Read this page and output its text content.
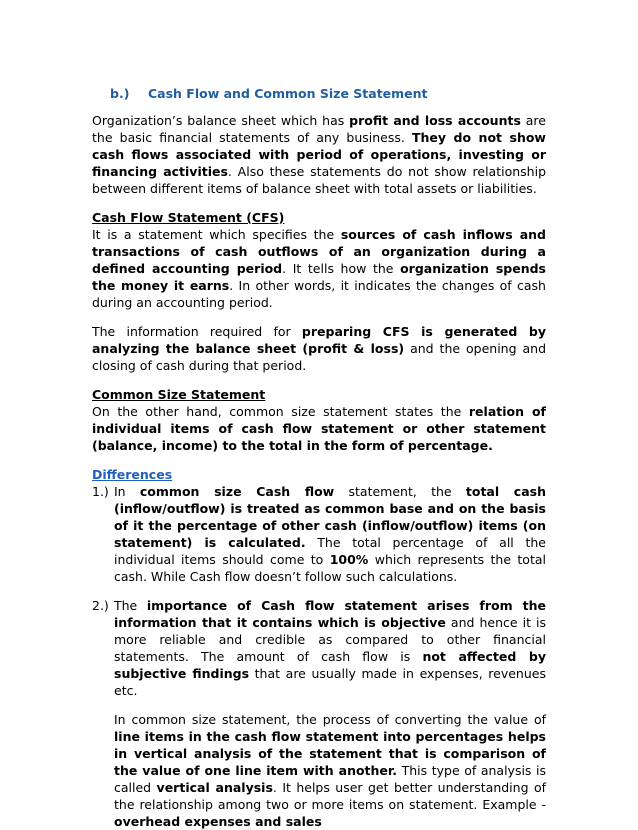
b.) Cash Flow and Common Size Statement

Organization’s balance sheet which has profit and loss accounts are the basic financial statements of any business. They do not show cash flows associated with period of operations, investing or financing activities. Also these statements do not show relationship between different items of balance sheet with total assets or liabilities.

Cash Flow Statement (CFS)

It is a statement which specifies the sources of cash inflows and transactions of cash outflows of an organization during a defined accounting period. It tells how the organization spends the money it earns. In other words, it indicates the changes of cash during an accounting period.

The information required for preparing CFS is generated by analyzing the balance sheet (profit & loss) and the opening and closing of cash during that period.

Common Size Statement

On the other hand, common size statement states the relation of individual items of cash flow statement or other statement (balance, income) to the total in the form of percentage.

Differences
1.) In common size Cash flow statement, the total cash (inflow/outflow) is treated as common base and on the basis of it the percentage of other cash (inflow/outflow) items (on statement) is calculated. The total percentage of all the individual items should come to 100% which represents the total cash. While Cash flow doesn’t follow such calculations.

2.) The importance of Cash flow statement arises from the information that it contains which is objective and hence it is more reliable and credible as compared to other financial statements. The amount of cash flow is not affected by subjective findings that are usually made in expenses, revenues etc.

In common size statement, the process of converting the value of line items in the cash flow statement into percentages helps in vertical analysis of the statement that is comparison of the value of one line item with another. This type of analysis is called vertical analysis. It helps user get better understanding of the relationship among two or more items on statement. Example - overhead expenses and sales
